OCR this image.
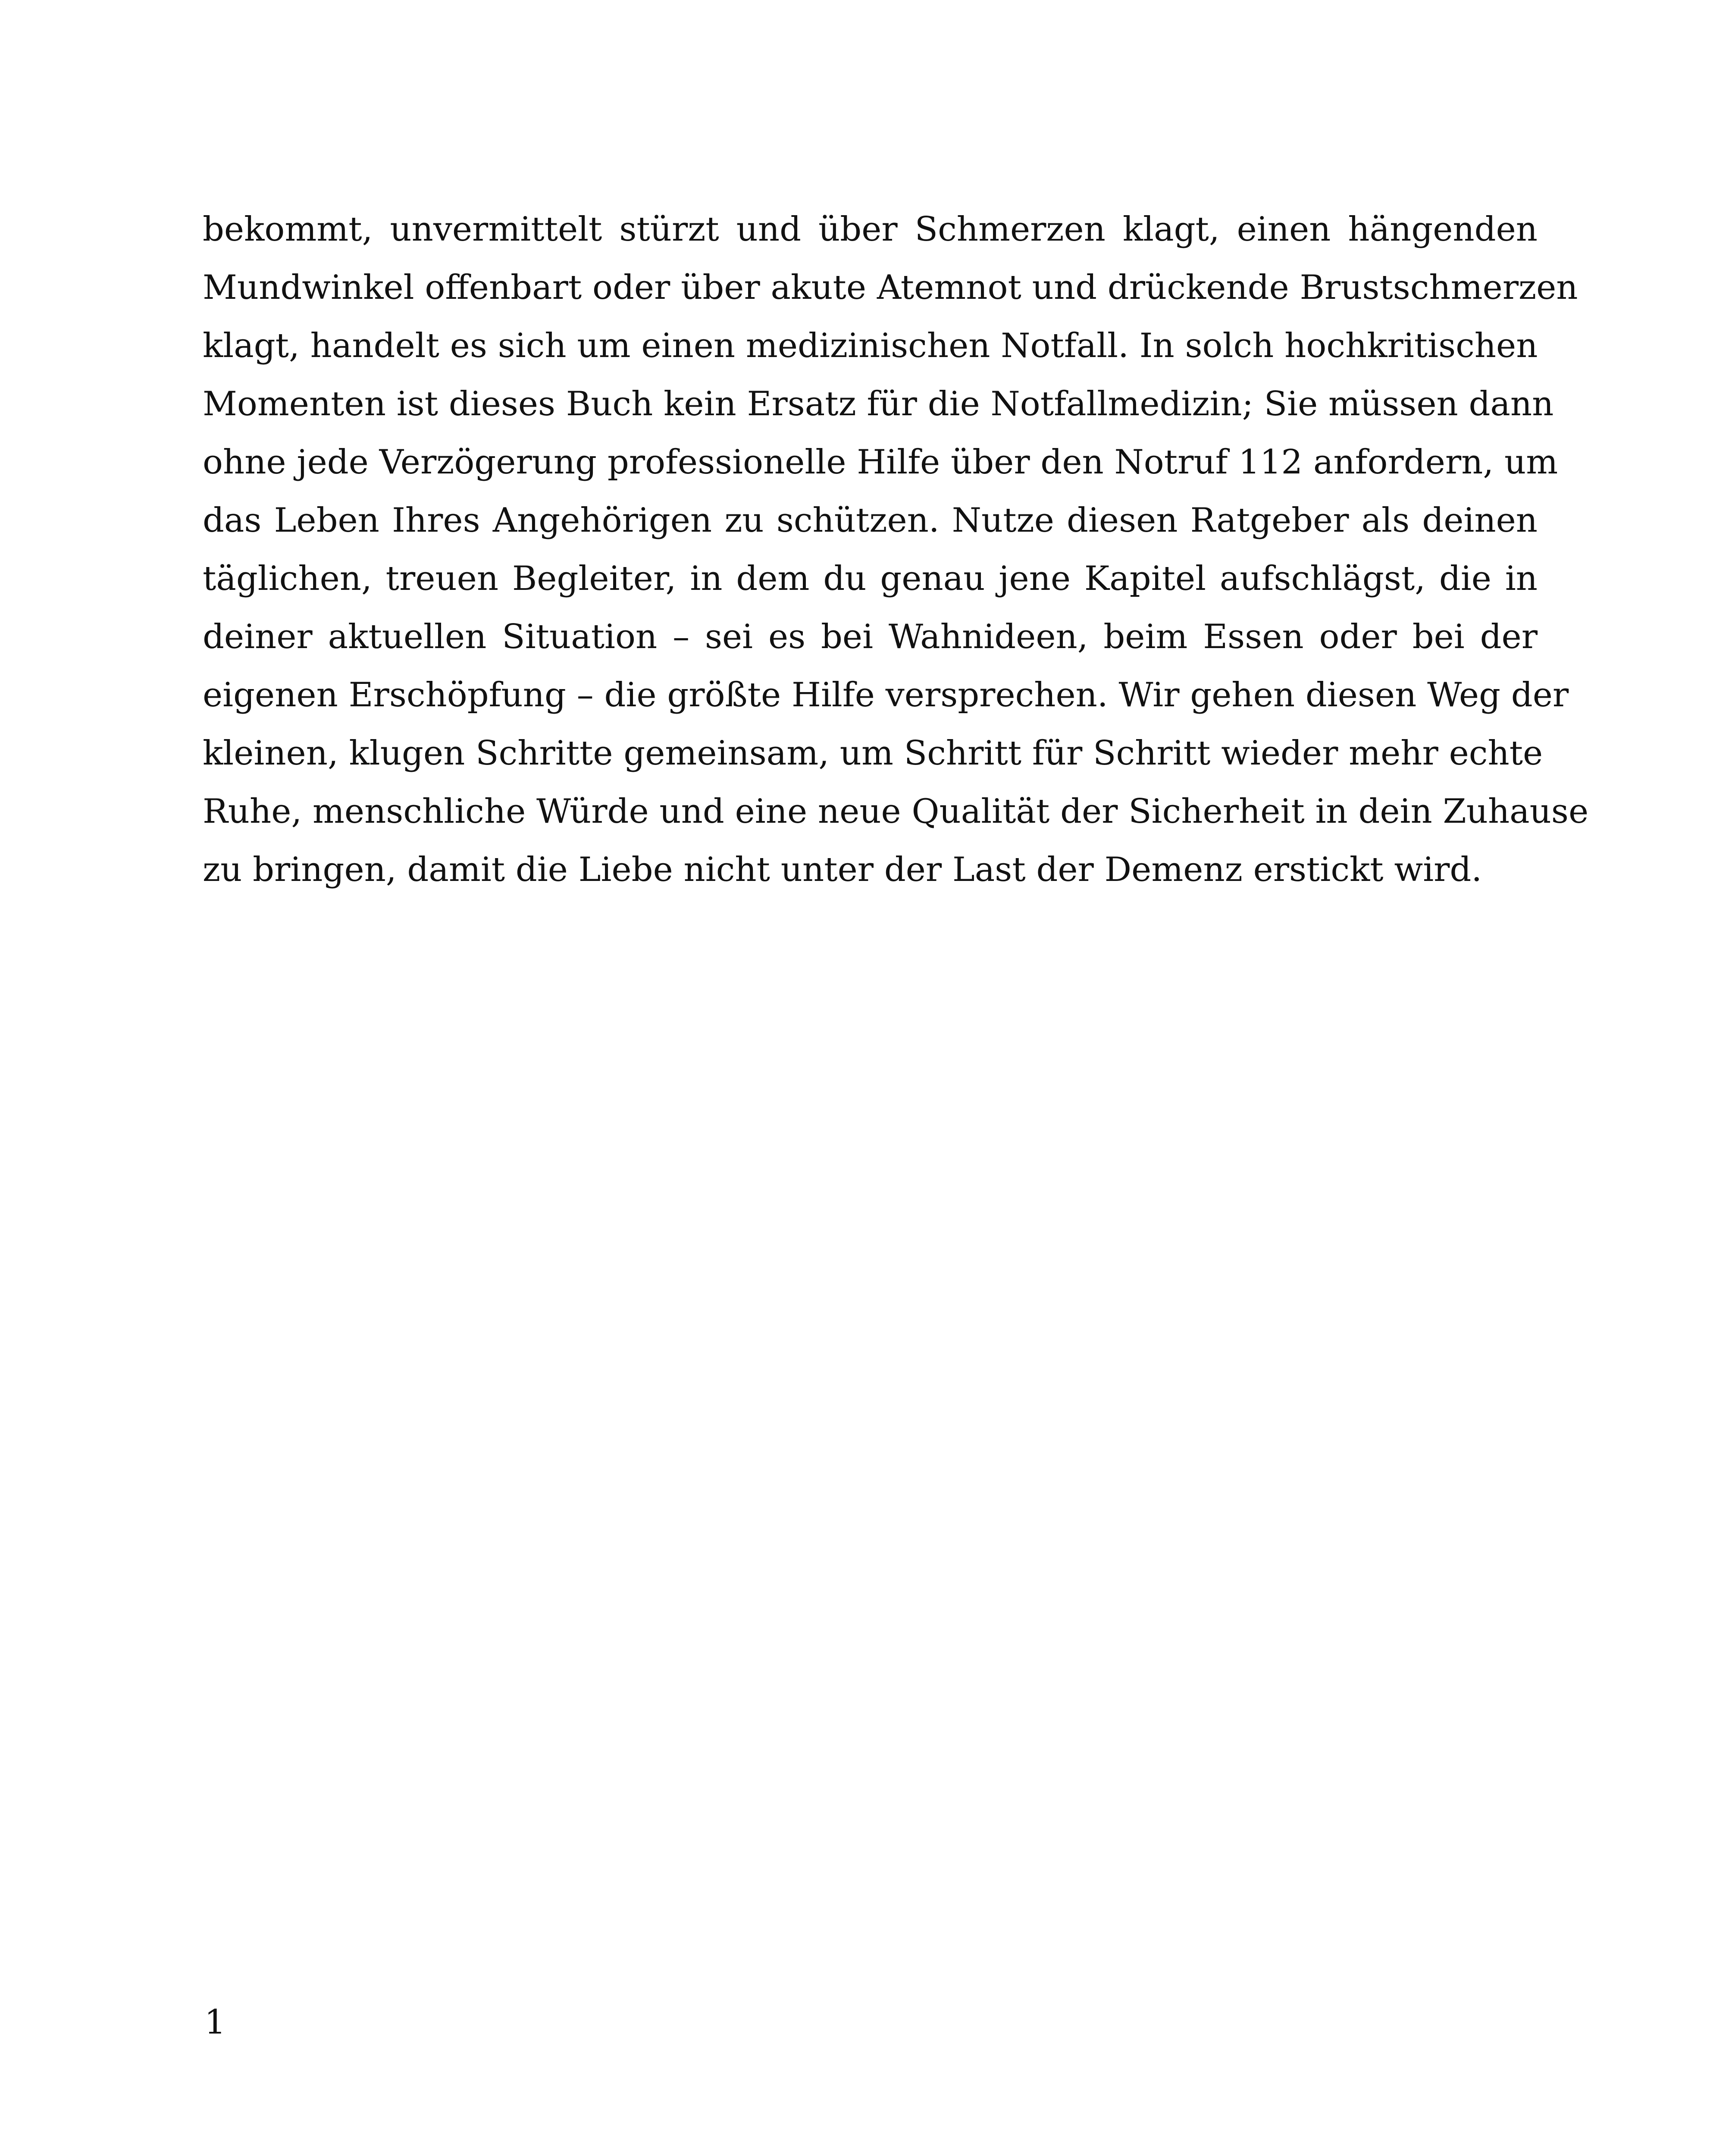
bekommt, unvermittelt stürzt und über Schmerzen klagt, einen hängenden
Mundwinkel offenbart oder über akute Atemnot und drückende Brustschmerzen
klagt, handelt es sich um einen medizinischen Notfall. In solch hochkritischen
Momenten ist dieses Buch kein Ersatz für die Notfallmedizin; Sie müssen dann
ohne jede Verzögerung professionelle Hilfe über den Notruf 112 anfordern, um
das Leben Ihres Angehörigen zu schützen. Nutze diesen Ratgeber als deinen
täglichen, treuen Begleiter, in dem du genau jene Kapitel aufschlägst, die in
deiner aktuellen Situation – sei es bei Wahnideen, beim Essen oder bei der
eigenen Erschöpfung – die größte Hilfe versprechen. Wir gehen diesen Weg der
kleinen, klugen Schritte gemeinsam, um Schritt für Schritt wieder mehr echte
Ruhe, menschliche Würde und eine neue Qualität der Sicherheit in dein Zuhause
zu bringen, damit die Liebe nicht unter der Last der Demenz erstickt wird.
1
